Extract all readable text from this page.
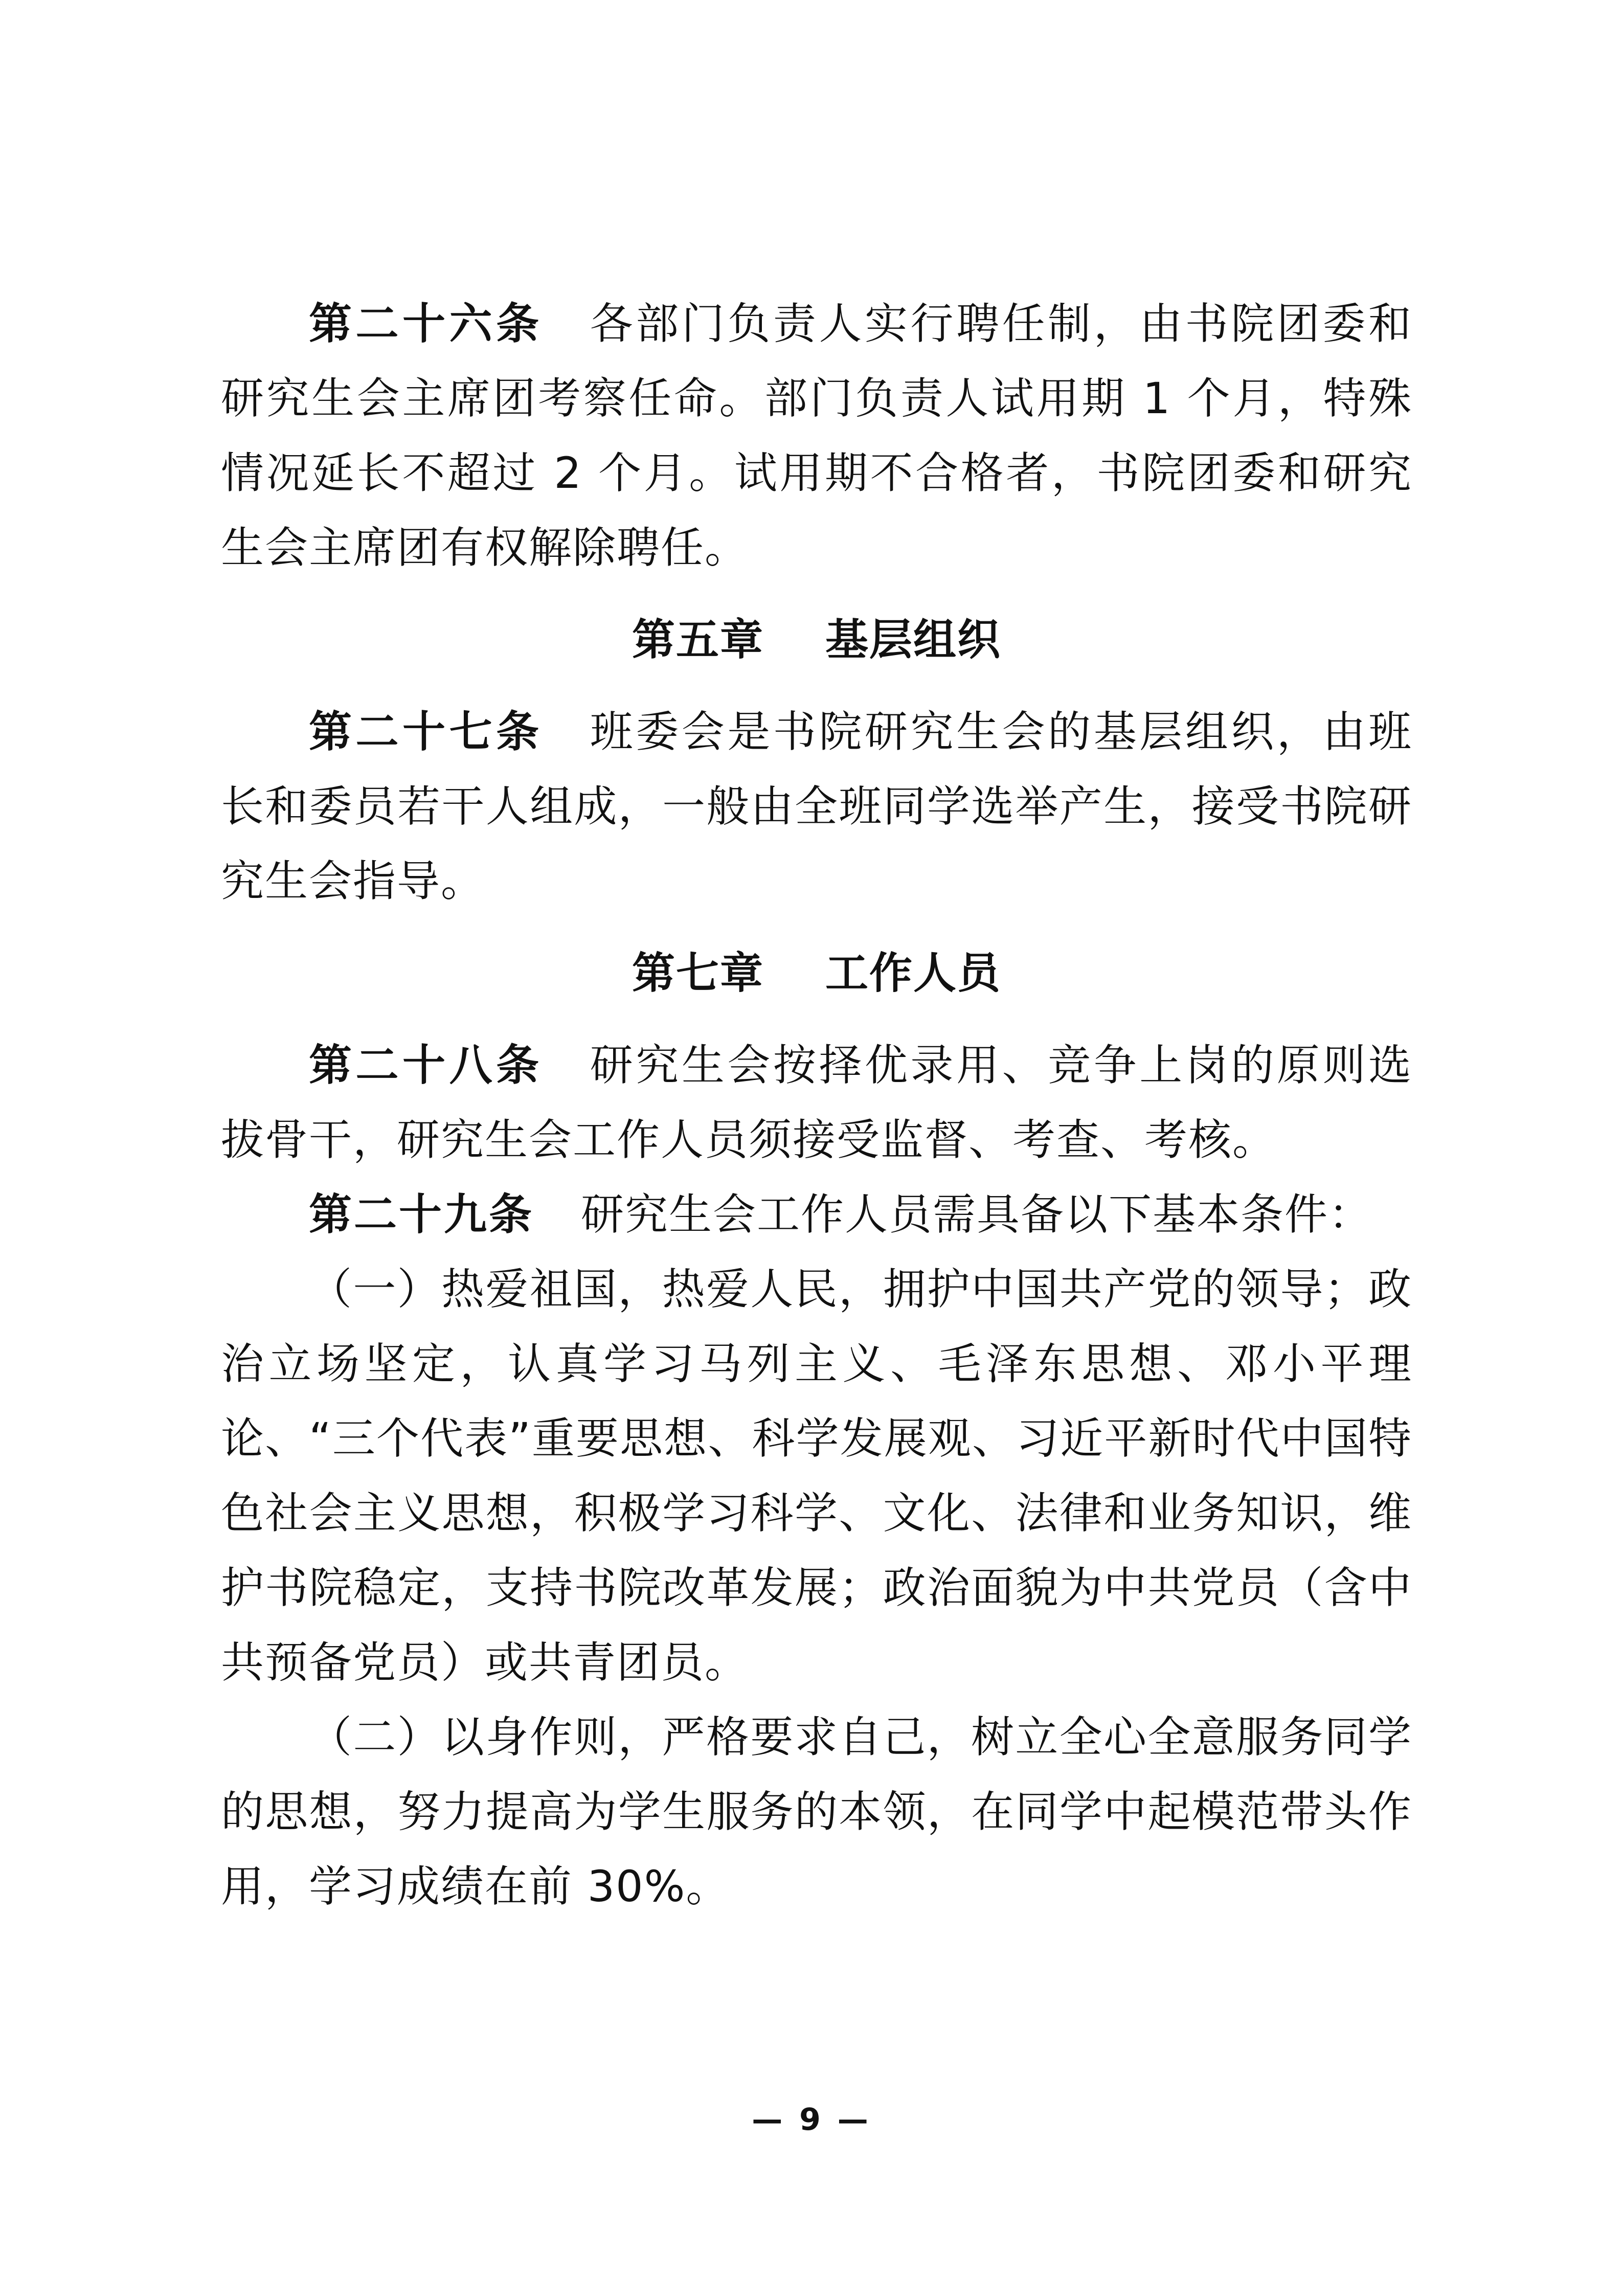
第二十六条 各部门负责人实行聘任制，由书院团委和研究生会主席团考察任命。部门负责人试用期 1 个月，特殊情况延长不超过 2 个月。试用期不合格者，书院团委和研究生会主席团有权解除聘任。

第五章 基层组织

第二十七条 班委会是书院研究生会的基层组织，由班长和委员若干人组成，一般由全班同学选举产生，接受书院研究生会指导。

第七章 工作人员

第二十八条 研究生会按择优录用、竞争上岗的原则选拔骨干，研究生会工作人员须接受监督、考查、考核。

第二十九条 研究生会工作人员需具备以下基本条件：

（一）热爱祖国，热爱人民，拥护中国共产党的领导；政治立场坚定，认真学习马列主义、毛泽东思想、邓小平理论、“三个代表”重要思想、科学发展观、习近平新时代中国特色社会主义思想，积极学习科学、文化、法律和业务知识，维护书院稳定，支持书院改革发展；政治面貌为中共党员（含中共预备党员）或共青团员。

（二）以身作则，严格要求自己，树立全心全意服务同学的思想，努力提高为学生服务的本领，在同学中起模范带头作用，学习成绩在前 30%。

— 9 —
